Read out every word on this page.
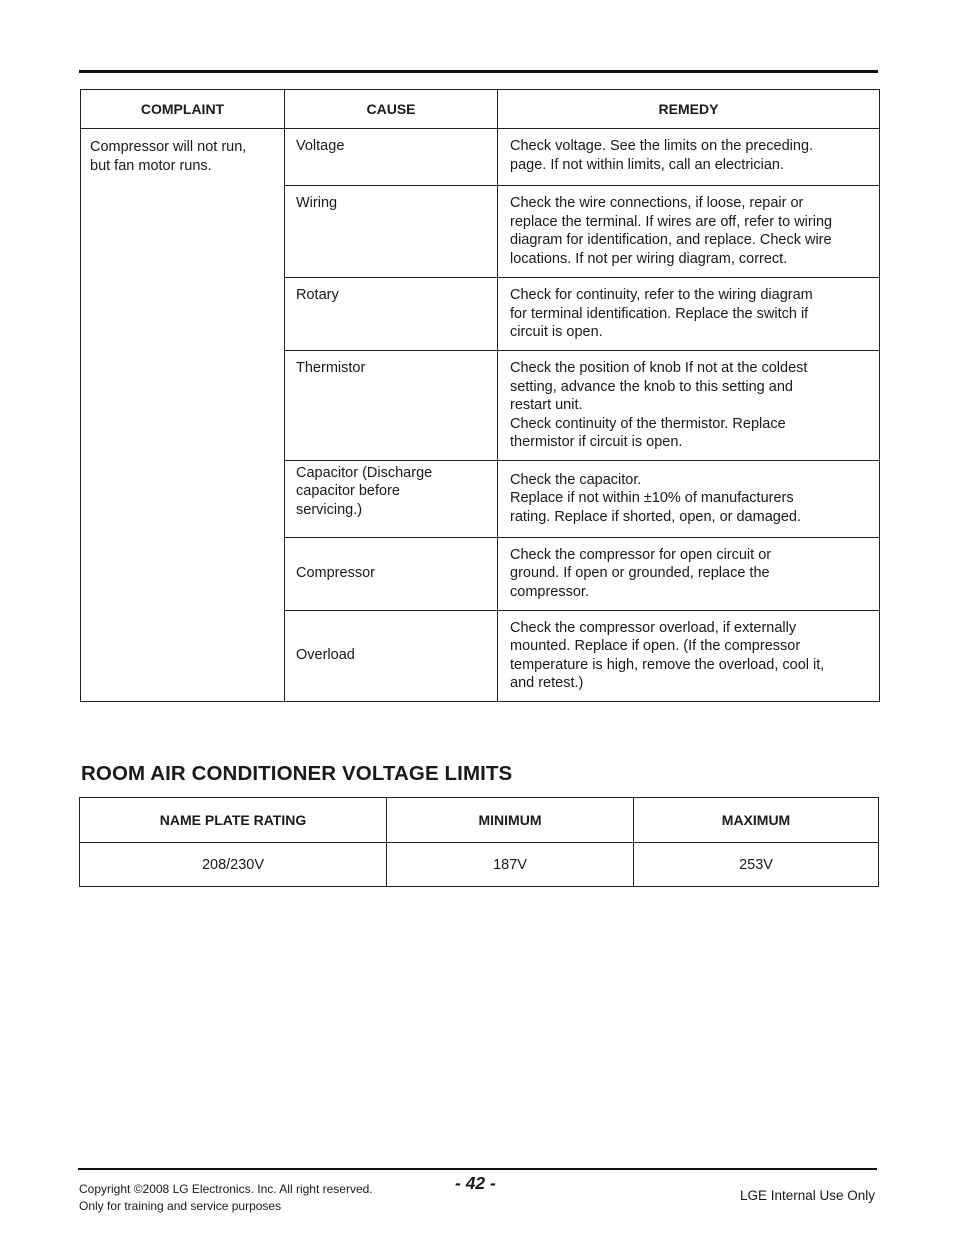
COMPLAINT	CAUSE	REMEDY
Compressor will not run,
but fan motor runs.	Voltage	Check voltage. See the limits on the preceding.
page. If not within limits, call an electrician.
	Wiring	Check the wire connections, if loose, repair or
replace the terminal. If wires are off, refer to wiring
diagram for identification, and replace. Check wire
locations. If not per wiring diagram, correct.
	Rotary	Check for continuity, refer to the wiring diagram
for terminal identification. Replace the switch if
circuit is open.
	Thermistor	Check the position of knob If not at the coldest
setting, advance the knob to this setting and
restart unit.
Check continuity of the thermistor. Replace
thermistor if circuit is open.
	Capacitor (Discharge
capacitor before
servicing.)	Check the capacitor.
Replace if not within ±10% of manufacturers
rating. Replace if shorted, open, or damaged.
	Compressor	Check the compressor for open circuit or
ground. If open or grounded, replace the
compressor.
	Overload	Check the compressor overload, if externally
mounted. Replace if open. (If the compressor
temperature is high, remove the overload, cool it,
and retest.)
ROOM AIR CONDITIONER VOLTAGE LIMITS
NAME PLATE RATING	MINIMUM	MAXIMUM
208/230V	187V	253V
Copyright ©2008 LG Electronics. Inc. All right reserved.
Only for training and service purposes
- 42 -
LGE Internal Use Only
